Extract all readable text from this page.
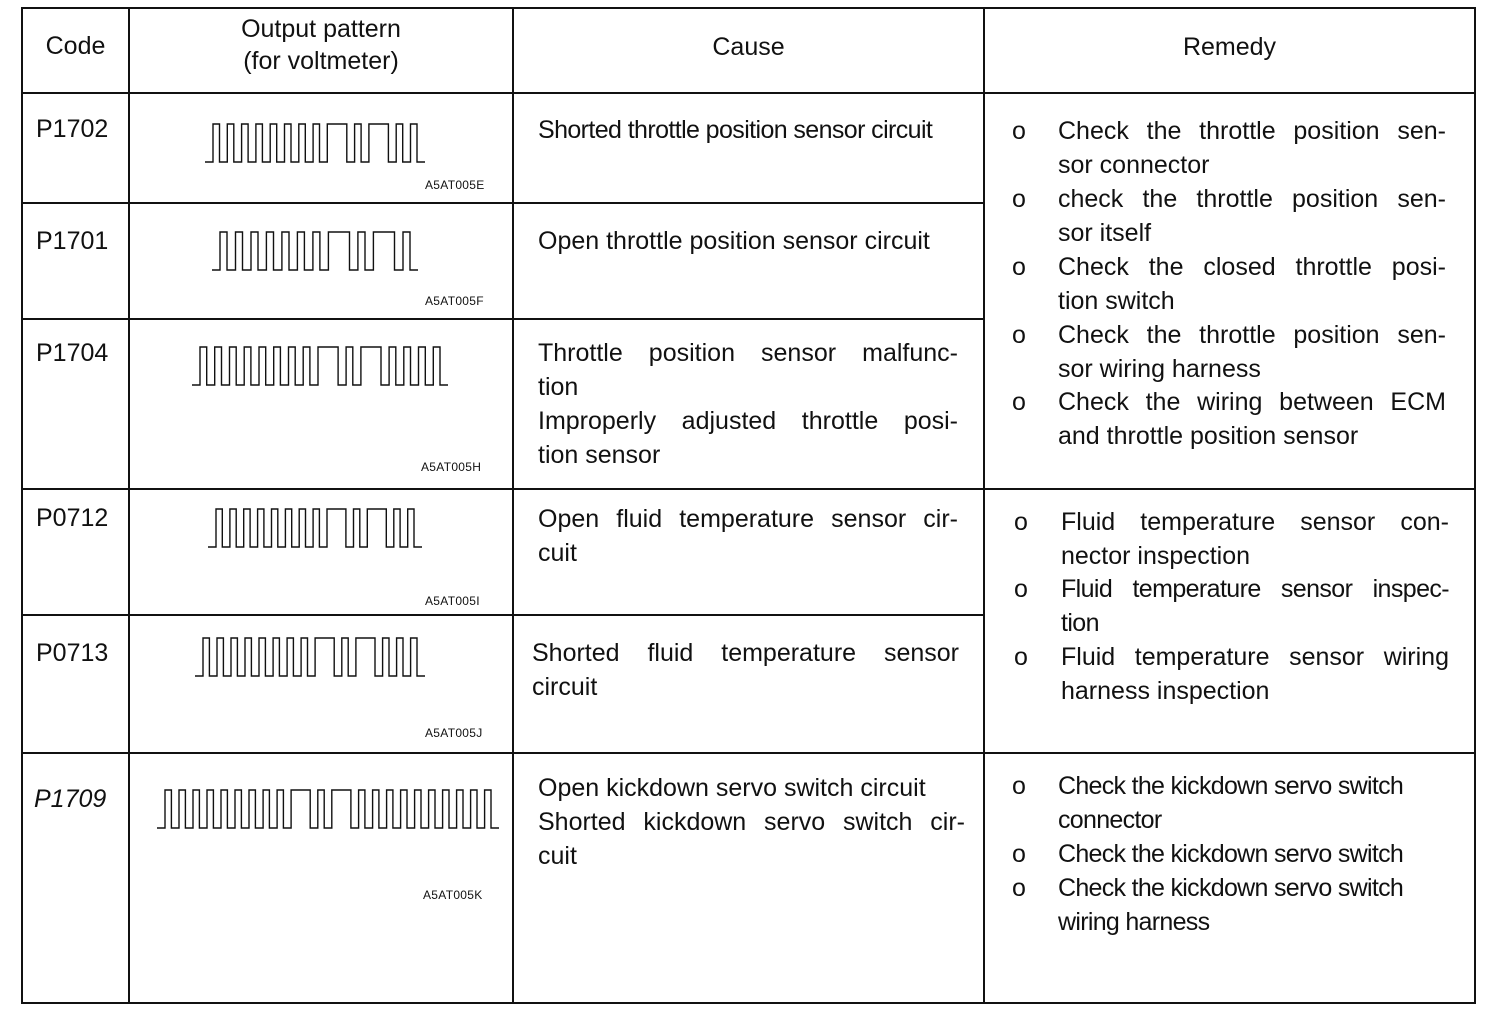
Code
Output pattern
(for voltmeter)	Cause	Remedy
P1702
A5AT005E
Shorted throttle position sensor circuit
P1701
A5AT005F
Open throttle position sensor circuit
P1704
A5AT005H
Throttle position sensor malfunc-
tion
Improperly adjusted throttle posi-
tion sensor
P0712
A5AT005I
Open fluid temperature sensor cir-
cuit
P0713
A5AT005J
Shorted fluid temperature sensor
circuit
P1709
A5AT005K
Open kickdown servo switch circuit
Shorted kickdown servo switch cir-
cuit
o Check the throttle position sen-
sor connector
o check the throttle position sen-
sor itself
o Check the closed throttle posi-
tion switch
o Check the throttle position sen-
sor wiring harness
o Check the wiring between ECM
and throttle position sensor
o Fluid temperature sensor con-
nector inspection
o Fluid temperature sensor inspec-
tion
o Fluid temperature sensor wiring
harness inspection
o Check the kickdown servo switch
connector
o Check the kickdown servo switch
o Check the kickdown servo switch
wiring harness
